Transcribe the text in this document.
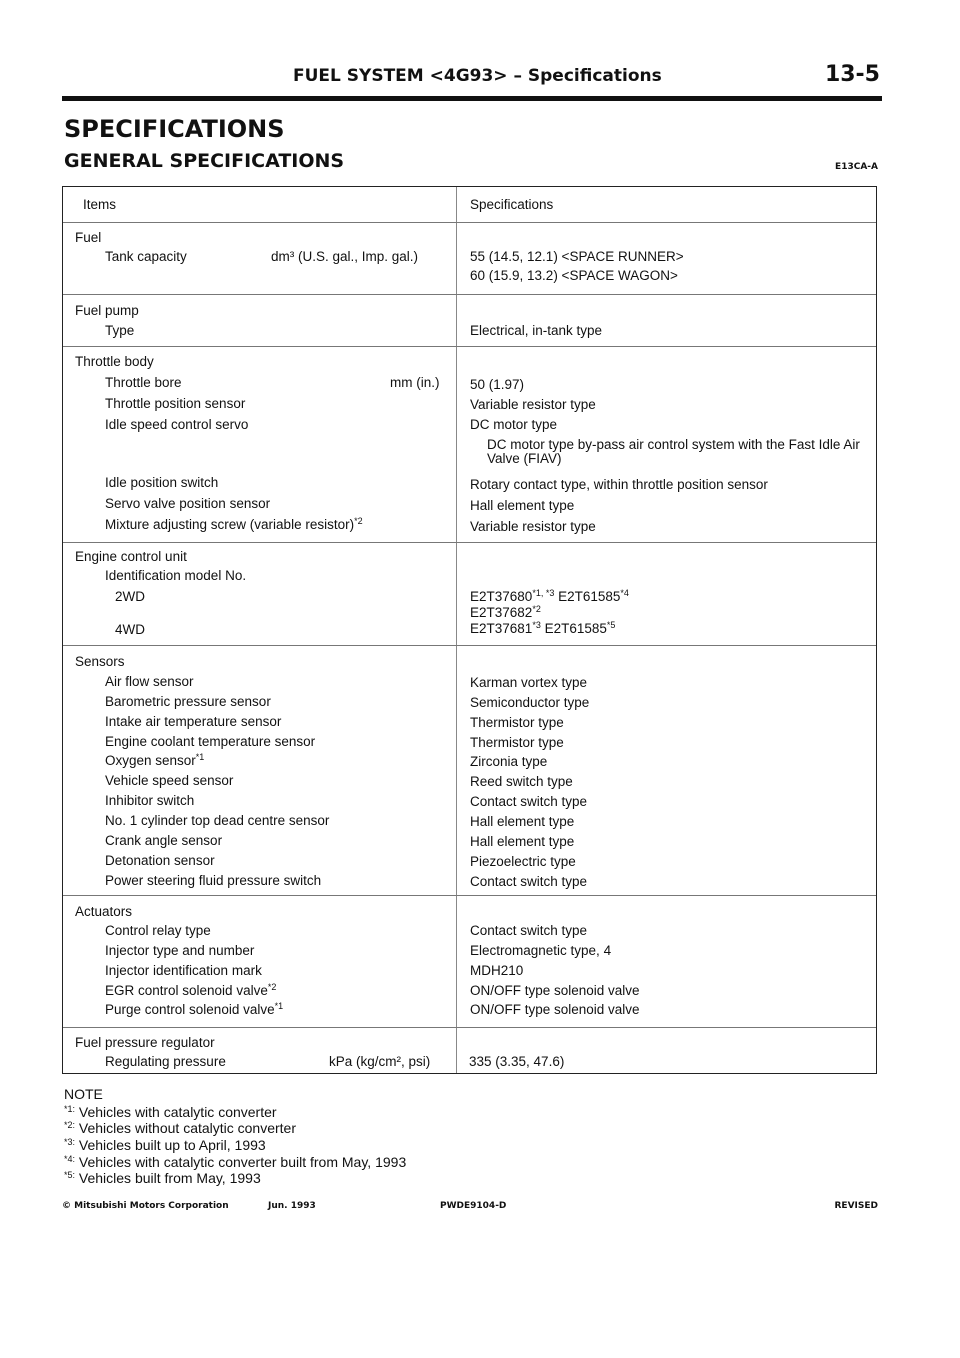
FUEL SYSTEM <4G93> – Specifications	13-5
SPECIFICATIONS
GENERAL SPECIFICATIONS	E13CA-A
Items	Specifications
Fuel
Tank capacity	dm³ (U.S. gal., Imp. gal.)	55 (14.5, 12.1) <SPACE RUNNER>
60 (15.9, 13.2) <SPACE WAGON>
Fuel pump
Type	Electrical, in-tank type
Throttle body
Throttle bore	mm (in.) 50 (1.97)
Throttle position sensor	Variable resistor type
Idle speed control servo	DC motor type
DC motor type by-pass air control system with the Fast Idle Air Valve (FIAV)
Idle position switch	Rotary contact type, within throttle position sensor
Servo valve position sensor	Hall element type
Mixture adjusting screw (variable resistor)$^{*2}$	Variable resistor type
Engine control unit
Identification model No.
2WD	$E2T37680^{*1, *3}$ E2T61585$^{*4}$
E2T37682$^{*2}$
4WD	E2T37681$^{*3}$ E2T61585$^{*5}$
Sensors
Air flow sensor	Karman vortex type
Barometric pressure sensor	Semiconductor type
Intake air temperature sensor	Thermistor type
Engine coolant temperature sensor	Thermistor type
Oxygen sensor$^{*1}$	Zirconia type
Vehicle speed sensor	Reed switch type
Inhibitor switch	Contact switch type
No. 1 cylinder top dead centre sensor	Hall element type
Crank angle sensor	Hall element type
Detonation sensor	Piezoelectric type
Power steering fluid pressure switch	Contact switch type
Actuators
Control relay type	Contact switch type
Injector type and number	Electromagnetic type, 4
Injector identification mark	MDH210
EGR control solenoid valve$^{*2}$	ON/OFF type solenoid valve
Purge control solenoid valve$^{*1}$	ON/OFF type solenoid valve
Fuel pressure regulator
Regulating pressure	kPa (kg/cm², psi)	335 (3.35, 47.6)
NOTE
$^{*1:}$ Vehicles with catalytic converter
$^{*2:}$ Vehicles without catalytic converter
$^{*3:}$ Vehicles built up to April, 1993
$^{*4:}$ Vehicles with catalytic converter built from May, 1993
$^{*5:}$ Vehicles built from May, 1993
© Mitsubishi Motors Corporation	Jun. 1993	PWDE9104-D	REVISED
